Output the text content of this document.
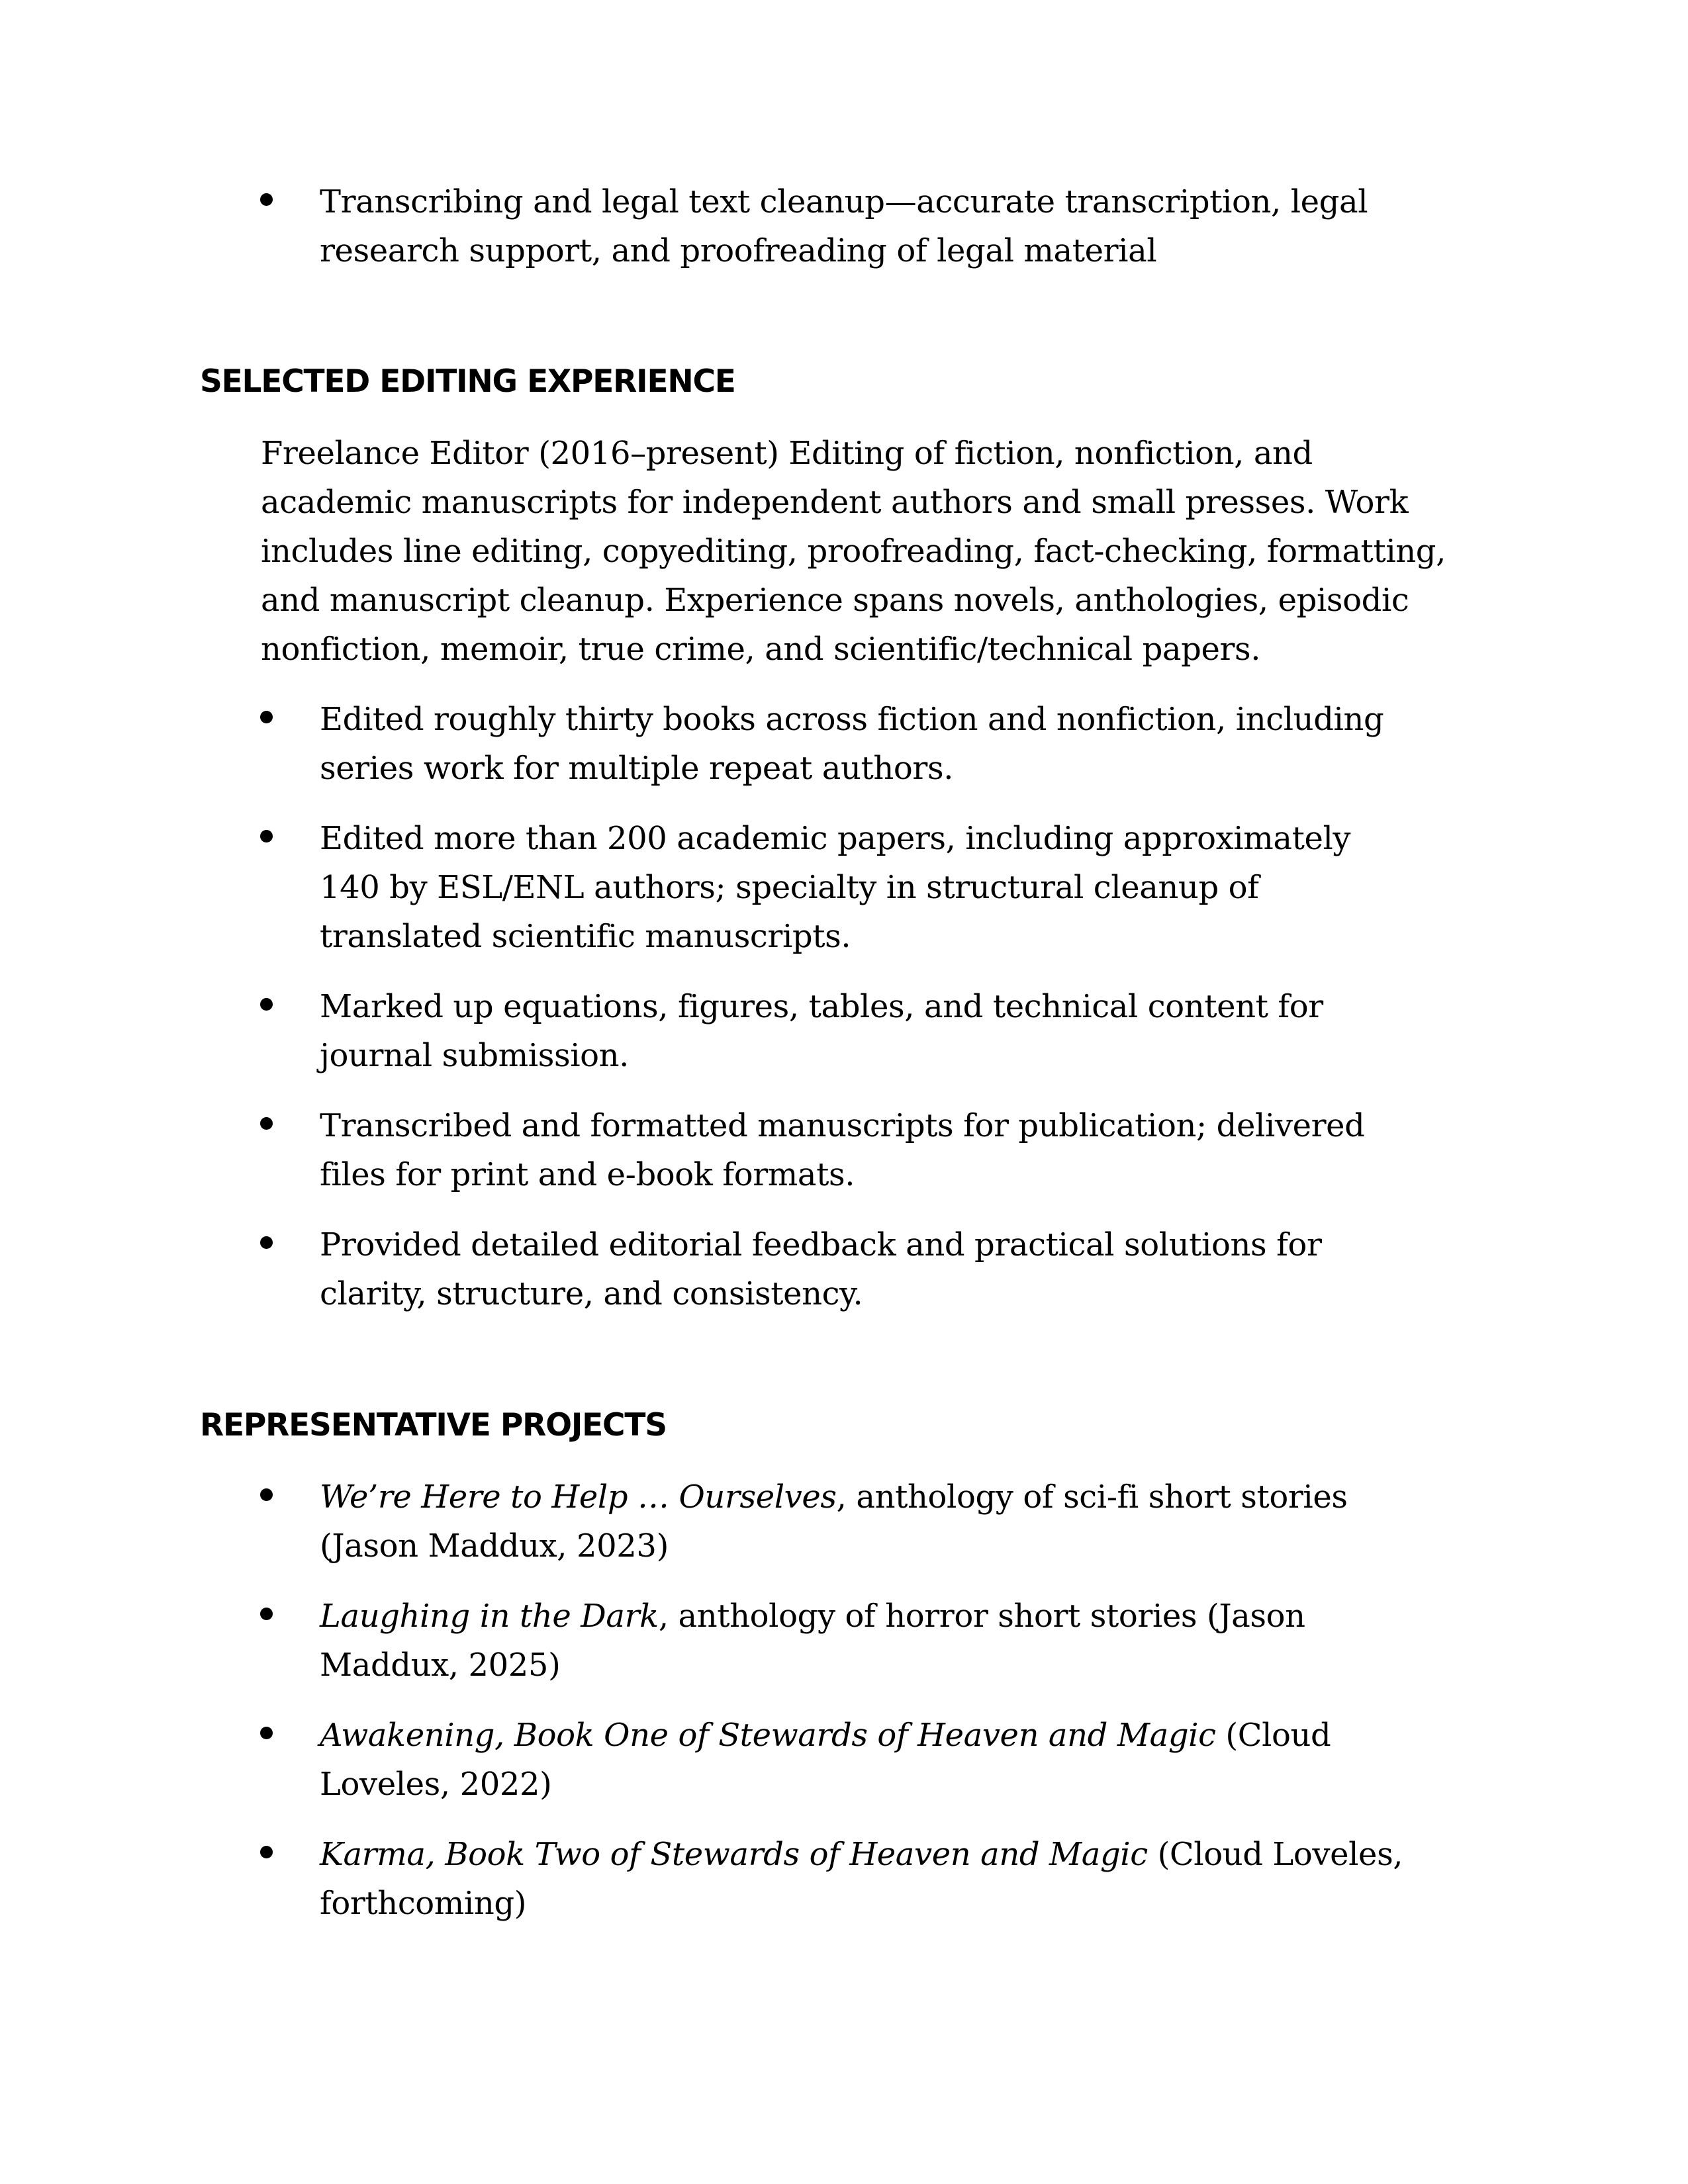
Transcribing and legal text cleanup—accurate transcription, legal
research support, and proofreading of legal material
SELECTED EDITING EXPERIENCE

Freelance Editor (2016–present) Editing of fiction, nonfiction, and
academic manuscripts for independent authors and small presses. Work
includes line editing, copyediting, proofreading, fact-checking, formatting,
and manuscript cleanup. Experience spans novels, anthologies, episodic
nonfiction, memoir, true crime, and scientific/technical papers.

Edited roughly thirty books across fiction and nonfiction, including
series work for multiple repeat authors.
Edited more than 200 academic papers, including approximately
140 by ESL/ENL authors; specialty in structural cleanup of
translated scientific manuscripts.
Marked up equations, figures, tables, and technical content for
journal submission.
Transcribed and formatted manuscripts for publication; delivered
files for print and e-book formats.
Provided detailed editorial feedback and practical solutions for
clarity, structure, and consistency.
REPRESENTATIVE PROJECTS
We’re Here to Help … Ourselves, anthology of sci-fi short stories
(Jason Maddux, 2023)
Laughing in the Dark, anthology of horror short stories (Jason
Maddux, 2025)
Awakening, Book One of Stewards of Heaven and Magic (Cloud
Loveles, 2022)
Karma, Book Two of Stewards of Heaven and Magic (Cloud Loveles,
forthcoming)
